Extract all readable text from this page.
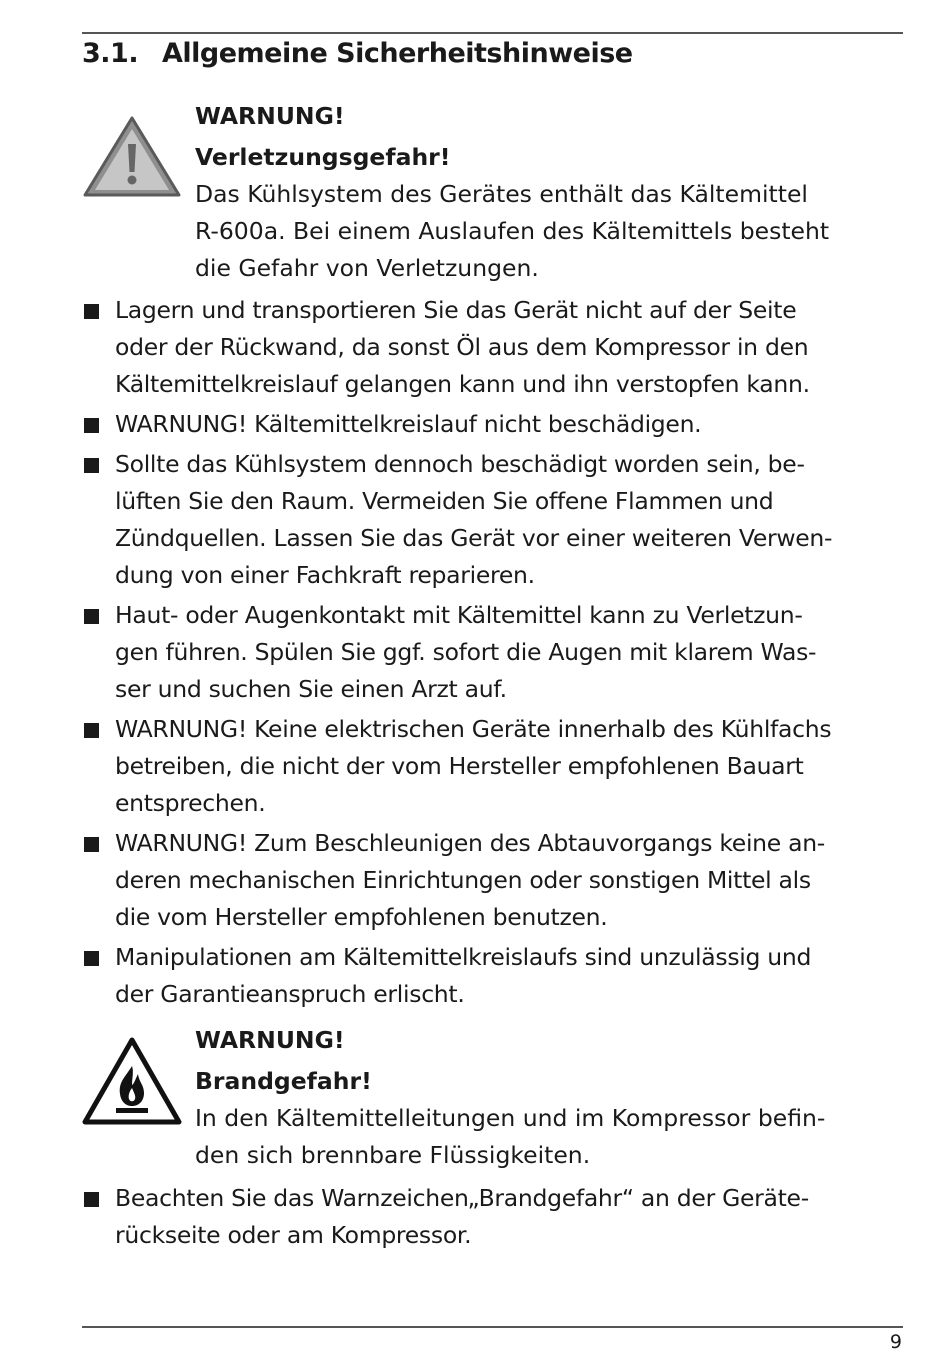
3.1. Allgemeine Sicherheitshinweise
WARNUNG!
Verletzungsgefahr!
Das Kühlsystem des Gerätes enthält das Kältemittel
R-600a. Bei einem Auslaufen des Kältemittels besteht
die Gefahr von Verletzungen.
Lagern und transportieren Sie das Gerät nicht auf der Seite
oder der Rückwand, da sonst Öl aus dem Kompressor in den
Kältemittelkreislauf gelangen kann und ihn verstopfen kann.
WARNUNG! Kältemittelkreislauf nicht beschädigen.
Sollte das Kühlsystem dennoch beschädigt worden sein, be-
lüften Sie den Raum. Vermeiden Sie offene Flammen und
Zündquellen. Lassen Sie das Gerät vor einer weiteren Verwen-
dung von einer Fachkraft reparieren.
Haut- oder Augenkontakt mit Kältemittel kann zu Verletzun-
gen führen. Spülen Sie ggf. sofort die Augen mit klarem Was-
ser und suchen Sie einen Arzt auf.
WARNUNG! Keine elektrischen Geräte innerhalb des Kühlfachs
betreiben, die nicht der vom Hersteller empfohlenen Bauart
entsprechen.
WARNUNG! Zum Beschleunigen des Abtauvorgangs keine an-
deren mechanischen Einrichtungen oder sonstigen Mittel als
die vom Hersteller empfohlenen benutzen.
Manipulationen am Kältemittelkreislaufs sind unzulässig und
der Garantieanspruch erlischt.
WARNUNG!
Brandgefahr!
In den Kältemittelleitungen und im Kompressor befin-
den sich brennbare Flüssigkeiten.
Beachten Sie das Warnzeichen„Brandgefahr“ an der Geräte-
rückseite oder am Kompressor.
9
